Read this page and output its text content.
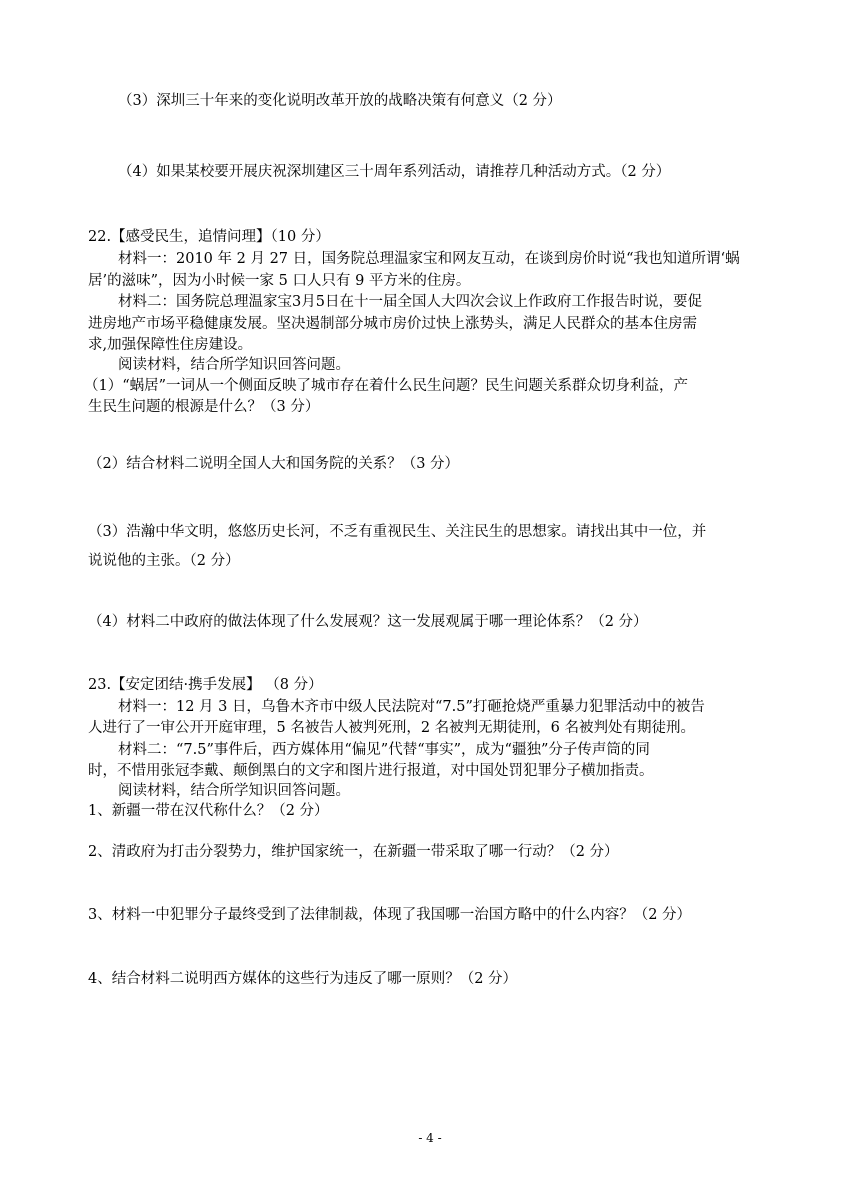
（3）深圳三十年来的变化说明改革开放的战略决策有何意义（2 分）
（4）如果某校要开展庆祝深圳建区三十周年系列活动，请推荐几种活动方式。（2 分）
22.【感受民生，追情问理】（10 分）
材料一：2010 年 2 月 27 日，国务院总理温家宝和网友互动，在谈到房价时说“我也知道所谓‘蜗
居’的滋味”，因为小时候一家 5 口人只有 9 平方米的住房。
材料二：国务院总理温家宝3月5日在十一届全国人大四次会议上作政府工作报告时说，要促
进房地产市场平稳健康发展。坚决遏制部分城市房价过快上涨势头，满足人民群众的基本住房需
求,加强保障性住房建设。
阅读材料，结合所学知识回答问题。
（1）“蜗居”一词从一个侧面反映了城市存在着什么民生问题？民生问题关系群众切身利益，产
生民生问题的根源是什么？（3 分）
（2）结合材料二说明全国人大和国务院的关系？（3 分）
（3）浩瀚中华文明，悠悠历史长河，不乏有重视民生、关注民生的思想家。请找出其中一位，并
说说他的主张。（2 分）
（4）材料二中政府的做法体现了什么发展观？这一发展观属于哪一理论体系？（2 分）
23.【安定团结·携手发展】 （8 分）
材料一：12 月 3 日，乌鲁木齐市中级人民法院对“7.5”打砸抢烧严重暴力犯罪活动中的被告
人进行了一审公开开庭审理，5 名被告人被判死刑，2 名被判无期徒刑，6 名被判处有期徒刑。
材料二：“7.5”事件后，西方媒体用“偏见”代替“事实”，成为“疆独”分子传声筒的同
时，不惜用张冠李戴、颠倒黑白的文字和图片进行报道，对中国处罚犯罪分子横加指责。
阅读材料，结合所学知识回答问题。
1、新疆一带在汉代称什么？（2 分）
2、清政府为打击分裂势力，维护国家统一，在新疆一带采取了哪一行动？（2 分）
3、材料一中犯罪分子最终受到了法律制裁，体现了我国哪一治国方略中的什么内容？（2 分）
4、结合材料二说明西方媒体的这些行为违反了哪一原则？（2 分）
- 4 -
